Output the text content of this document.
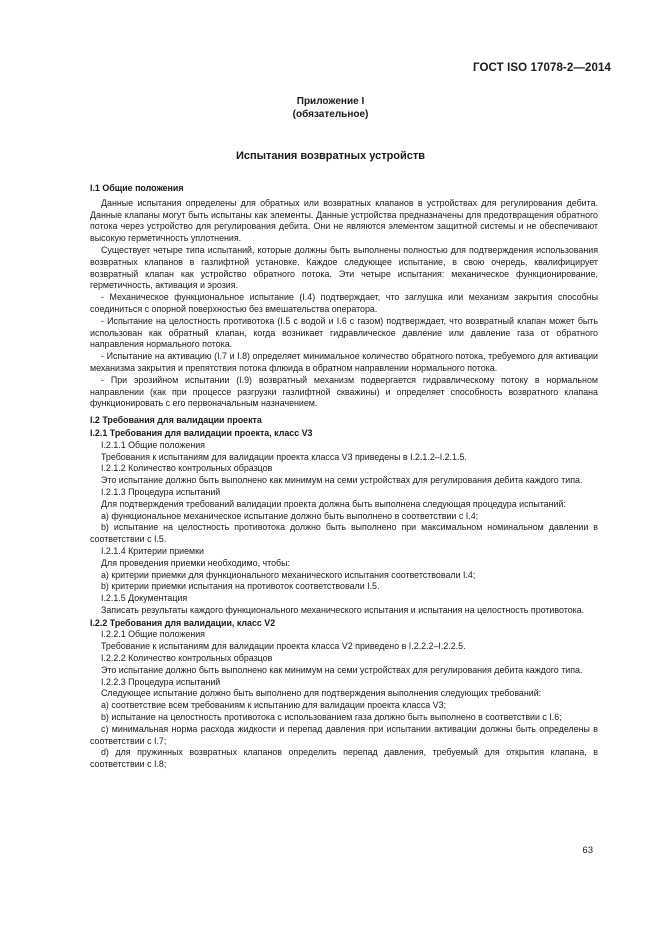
ГОСТ ISO 17078-2—2014
Приложение I
(обязательное)
Испытания возвратных устройств

I.1 Общие положения

Данные испытания определены для обратных или возвратных клапанов в устройствах для регулирования дебита. Данные клапаны могут быть испытаны как элементы. Данные устройства предназначены для предотвращения обратного потока через устройство для регулирования дебита. Они не являются элементом защитной системы и не обеспечивают высокую герметичность уплотнения.

Существует четыре типа испытаний, которые должны быть выполнены полностью для подтверждения использования возвратных клапанов в газлифтной установке. Каждое следующее испытание, в свою очередь, квалифицирует возвратный клапан как устройство обратного потока. Эти четыре испытания: механическое функционирование, герметичность, активация и эрозия.

- Механическое функциональное испытание (I.4) подтверждает, что заглушка или механизм закрытия способны соединиться с опорной поверхностью без вмешательства оператора.

- Испытание на целостность противотока (I.5 с водой и I.6 с газом) подтверждает, что возвратный клапан может быть использован как обратный клапан, когда возникает гидравлическое давление или давление газа от обратного направления нормального потока.

- Испытание на активацию (I.7 и I.8) определяет минимальное количество обратного потока, требуемого для активации механизма закрытия и препятствия потока флюида в обратном направлении нормального потока.

- При эрозийном испытании (I.9) возвратный механизм подвергается гидравлическому потоку в нормальном направлении (как при процессе разгрузки газлифтной скважины) и определяет способность возвратного клапана функционировать с его первоначальным назначением.

I.2 Требования для валидации проекта

I.2.1 Требования для валидации проекта, класс V3

I.2.1.1 Общие положения

Требования к испытаниям для валидации проекта класса V3 приведены в I.2.1.2–I.2.1.5.

I.2.1.2 Количество контрольных образцов

Это испытание должно быть выполнено как минимум на семи устройствах для регулирования дебита каждого типа.

I.2.1.3 Процедура испытаний

Для подтверждения требований валидации проекта должна быть выполнена следующая процедура испытаний:

а) функциональное механическое испытание должно быть выполнено в соответствии с I.4;

b) испытание на целостность противотока должно быть выполнено при максимальном номинальном давлении в соответствии с I.5.

I.2.1.4 Критерии приемки

Для проведения приемки необходимо, чтобы:

а) критерии приемки для функционального механического испытания соответствовали I.4;

b) критерии приемки испытания на противоток соответствовали I.5.

I.2.1.5 Документация

Записать результаты каждого функционального механического испытания и испытания на целостность противотока.

I.2.2 Требования для валидации, класс V2

I.2.2.1 Общие положения

Требование к испытаниям для валидации проекта класса V2 приведено в I.2.2.2–I.2.2.5.

I.2.2.2 Количество контрольных образцов

Это испытание должно быть выполнено как минимум на семи устройствах для регулирования дебита каждого типа.

I.2.2.3 Процедура испытаний

Следующее испытание должно быть выполнено для подтверждения выполнения следующих требований:

а) соответствие всем требованиям к испытанию для валидации проекта класса V3;

b) испытание на целостность противотока с использованием газа должно быть выполнено в соответствии с I.6;

c) минимальная норма расхода жидкости и перепад давления при испытании активации должны быть определены в соответствии с I.7;

d) для пружинных возвратных клапанов определить перепад давления, требуемый для открытия клапана, в соответствии с I.8;

63
